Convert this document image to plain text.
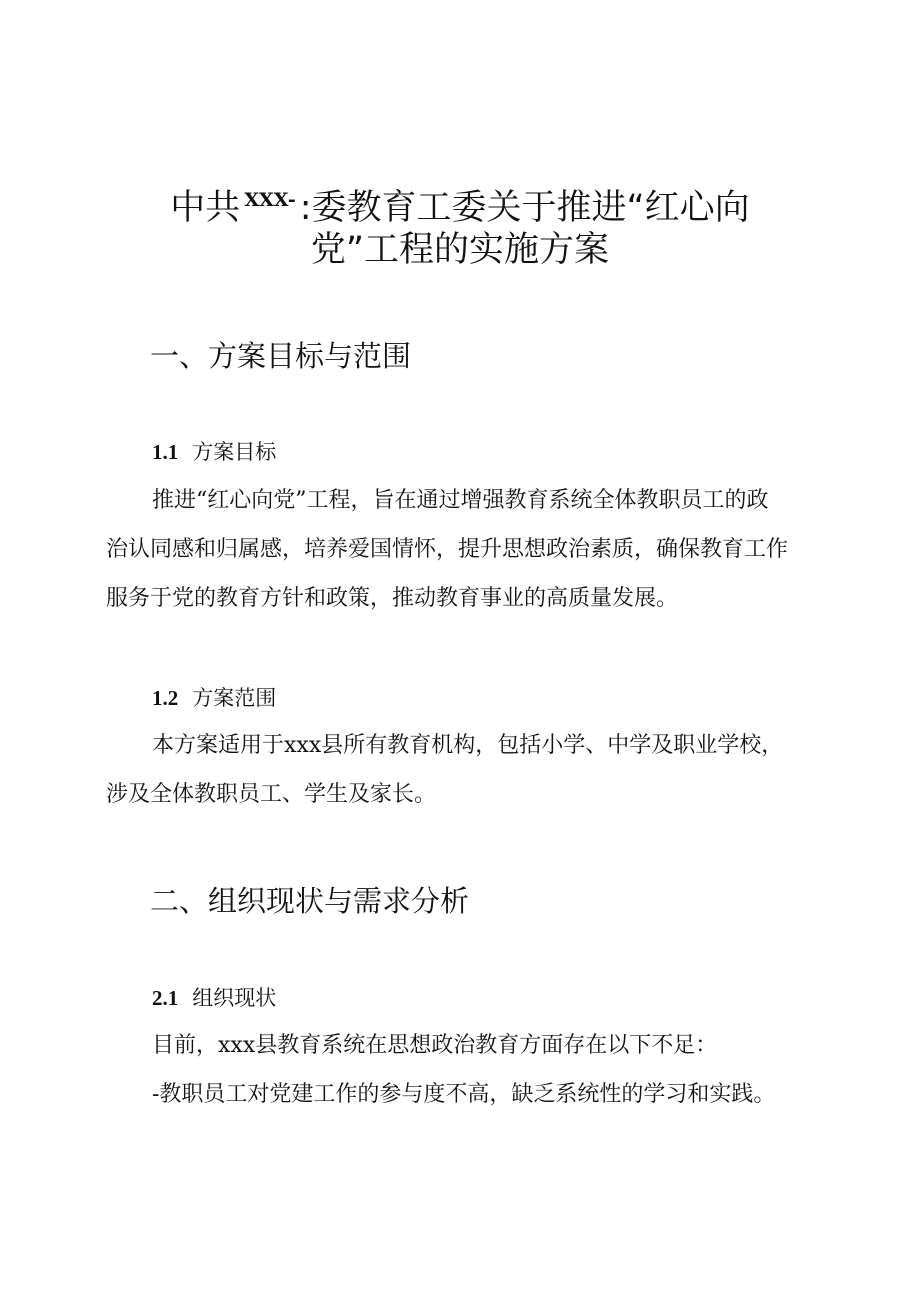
中共 $^{XXX-}$ :委教育工委关于推进“红心向
党”工程的实施方案
一、方案目标与范围
1.1 方案目标
推进“红心向党”工程，旨在通过增强教育系统全体教职员工的政
治认同感和归属感，培养爱国情怀，提升思想政治素质，确保教育工作
服务于党的教育方针和政策，推动教育事业的高质量发展。
1.2 方案范围
本方案适用于xxx县所有教育机构，包括小学、中学及职业学校，
涉及全体教职员工、学生及家长。
二、组织现状与需求分析
2.1 组织现状
目前，xxx县教育系统在思想政治教育方面存在以下不足：
-教职员工对党建工作的参与度不高，缺乏系统性的学习和实践。
